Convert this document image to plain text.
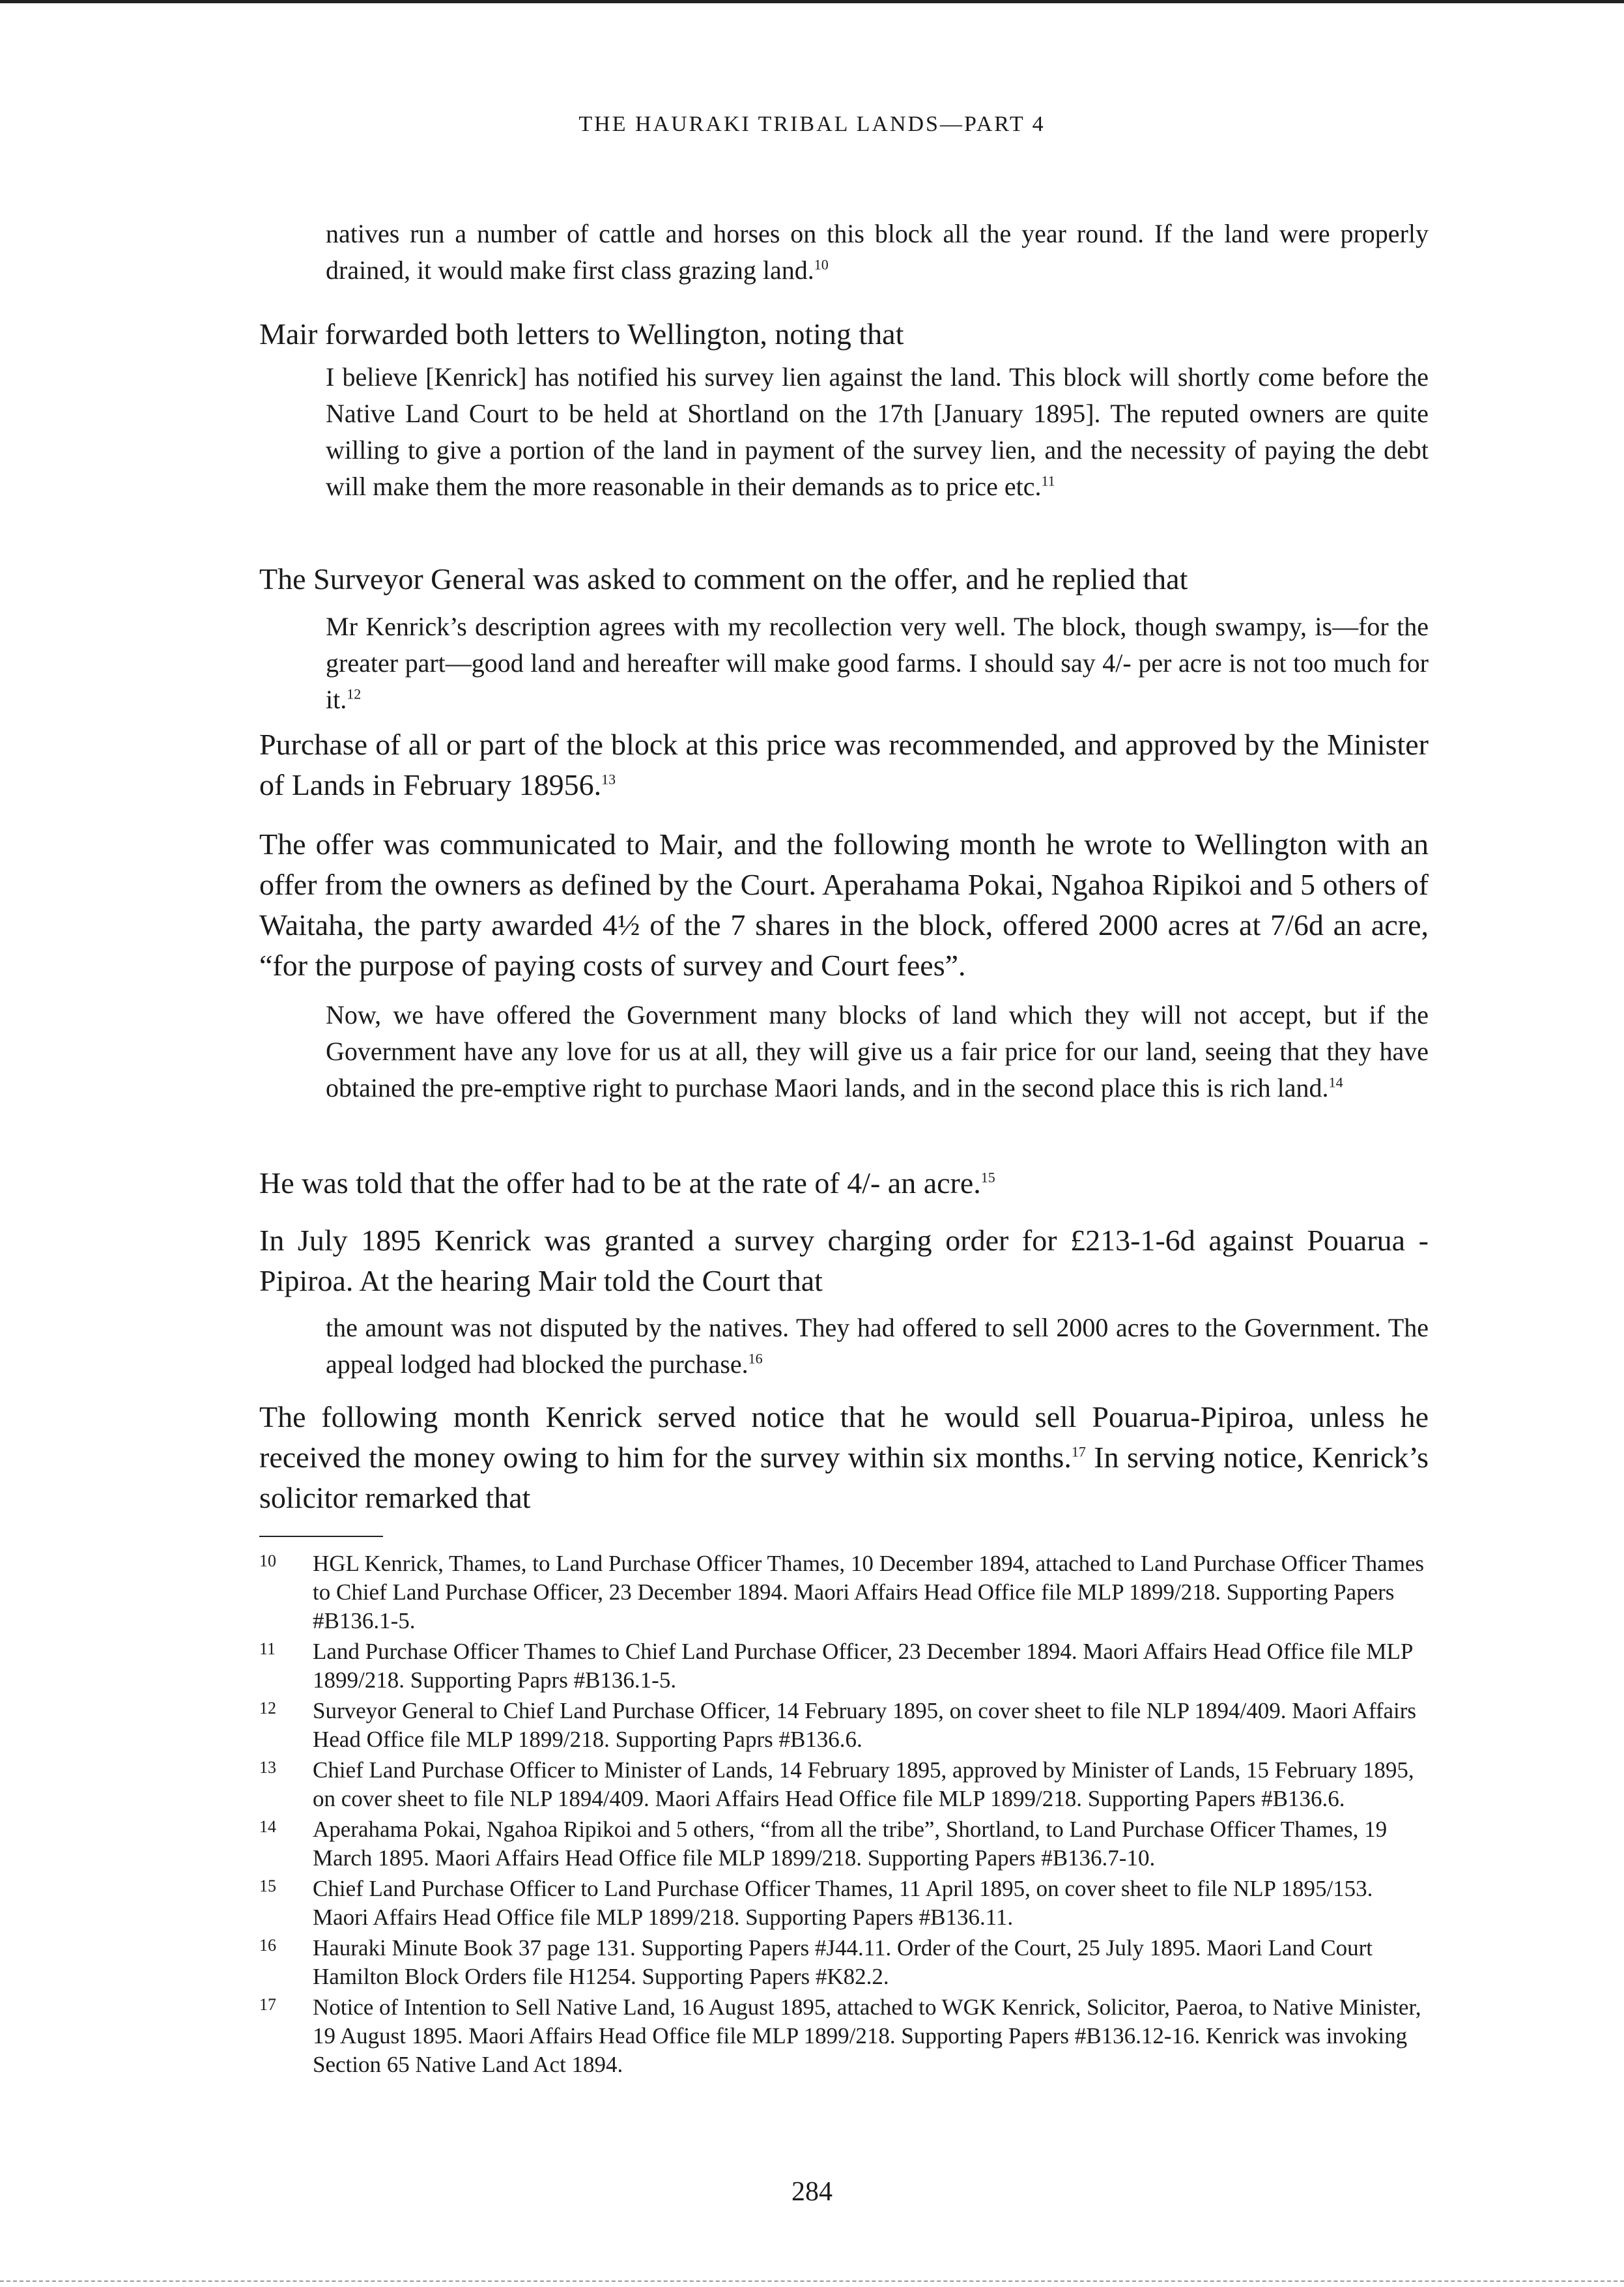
THE HAURAKI TRIBAL LANDS—PART 4
natives run a number of cattle and horses on this block all the year round. If the land were properly drained, it would make first class grazing land.$^{10}$
Mair forwarded both letters to Wellington, noting that
I believe [Kenrick] has notified his survey lien against the land. This block will shortly come before the Native Land Court to be held at Shortland on the 17th [January 1895]. The reputed owners are quite willing to give a portion of the land in payment of the survey lien, and the necessity of paying the debt will make them the more reasonable in their demands as to price etc.$^{11}$
The Surveyor General was asked to comment on the offer, and he replied that
Mr Kenrick’s description agrees with my recollection very well. The block, though swampy, is—for the greater part—good land and hereafter will make good farms. I should say 4/- per acre is not too much for it.$^{12}$
Purchase of all or part of the block at this price was recommended, and approved by the Minister of Lands in February 18956.13
The offer was communicated to Mair, and the following month he wrote to Wellington with an offer from the owners as defined by the Court. Aperahama Pokai, Ngahoa Ripikoi and 5 others of Waitaha, the party awarded 4½ of the 7 shares in the block, offered 2000 acres at 7/6d an acre, “for the purpose of paying costs of survey and Court fees”.
Now, we have offered the Government many blocks of land which they will not accept, but if the Government have any love for us at all, they will give us a fair price for our land, seeing that they have obtained the pre-emptive right to purchase Maori lands, and in the second place this is rich land.$^{14}$
He was told that the offer had to be at the rate of 4/- an acre.$^{15}$
In July 1895 Kenrick was granted a survey charging order for £213-1-6d against Pouarua - Pipiroa. At the hearing Mair told the Court that
the amount was not disputed by the natives. They had offered to sell 2000 acres to the Government. The appeal lodged had blocked the purchase.$^{16}$
The following month Kenrick served notice that he would sell Pouarua-Pipiroa, unless he received the money owing to him for the survey within six months.$^{17}$ In serving notice, Kenrick’s solicitor remarked that
10 HGL Kenrick, Thames, to Land Purchase Officer Thames, 10 December 1894, attached to Land Purchase Officer Thames to Chief Land Purchase Officer, 23 December 1894. Maori Affairs Head Office file MLP 1899/218. Supporting Papers #B136.1-5.
11 Land Purchase Officer Thames to Chief Land Purchase Officer, 23 December 1894. Maori Affairs Head Office file MLP 1899/218. Supporting Paprs #B136.1-5.
12 Surveyor General to Chief Land Purchase Officer, 14 February 1895, on cover sheet to file NLP 1894/409. Maori Affairs Head Office file MLP 1899/218. Supporting Paprs #B136.6.
13 Chief Land Purchase Officer to Minister of Lands, 14 February 1895, approved by Minister of Lands, 15 February 1895, on cover sheet to file NLP 1894/409. Maori Affairs Head Office file MLP 1899/218. Supporting Papers #B136.6.
14 Aperahama Pokai, Ngahoa Ripikoi and 5 others, “from all the tribe”, Shortland, to Land Purchase Officer Thames, 19 March 1895. Maori Affairs Head Office file MLP 1899/218. Supporting Papers #B136.7-10.
15 Chief Land Purchase Officer to Land Purchase Officer Thames, 11 April 1895, on cover sheet to file NLP 1895/153. Maori Affairs Head Office file MLP 1899/218. Supporting Papers #B136.11.
16 Hauraki Minute Book 37 page 131. Supporting Papers #J44.11. Order of the Court, 25 July 1895. Maori Land Court Hamilton Block Orders file H1254. Supporting Papers #K82.2.
17 Notice of Intention to Sell Native Land, 16 August 1895, attached to WGK Kenrick, Solicitor, Paeroa, to Native Minister, 19 August 1895. Maori Affairs Head Office file MLP 1899/218. Supporting Papers #B136.12-16. Kenrick was invoking Section 65 Native Land Act 1894.
284
